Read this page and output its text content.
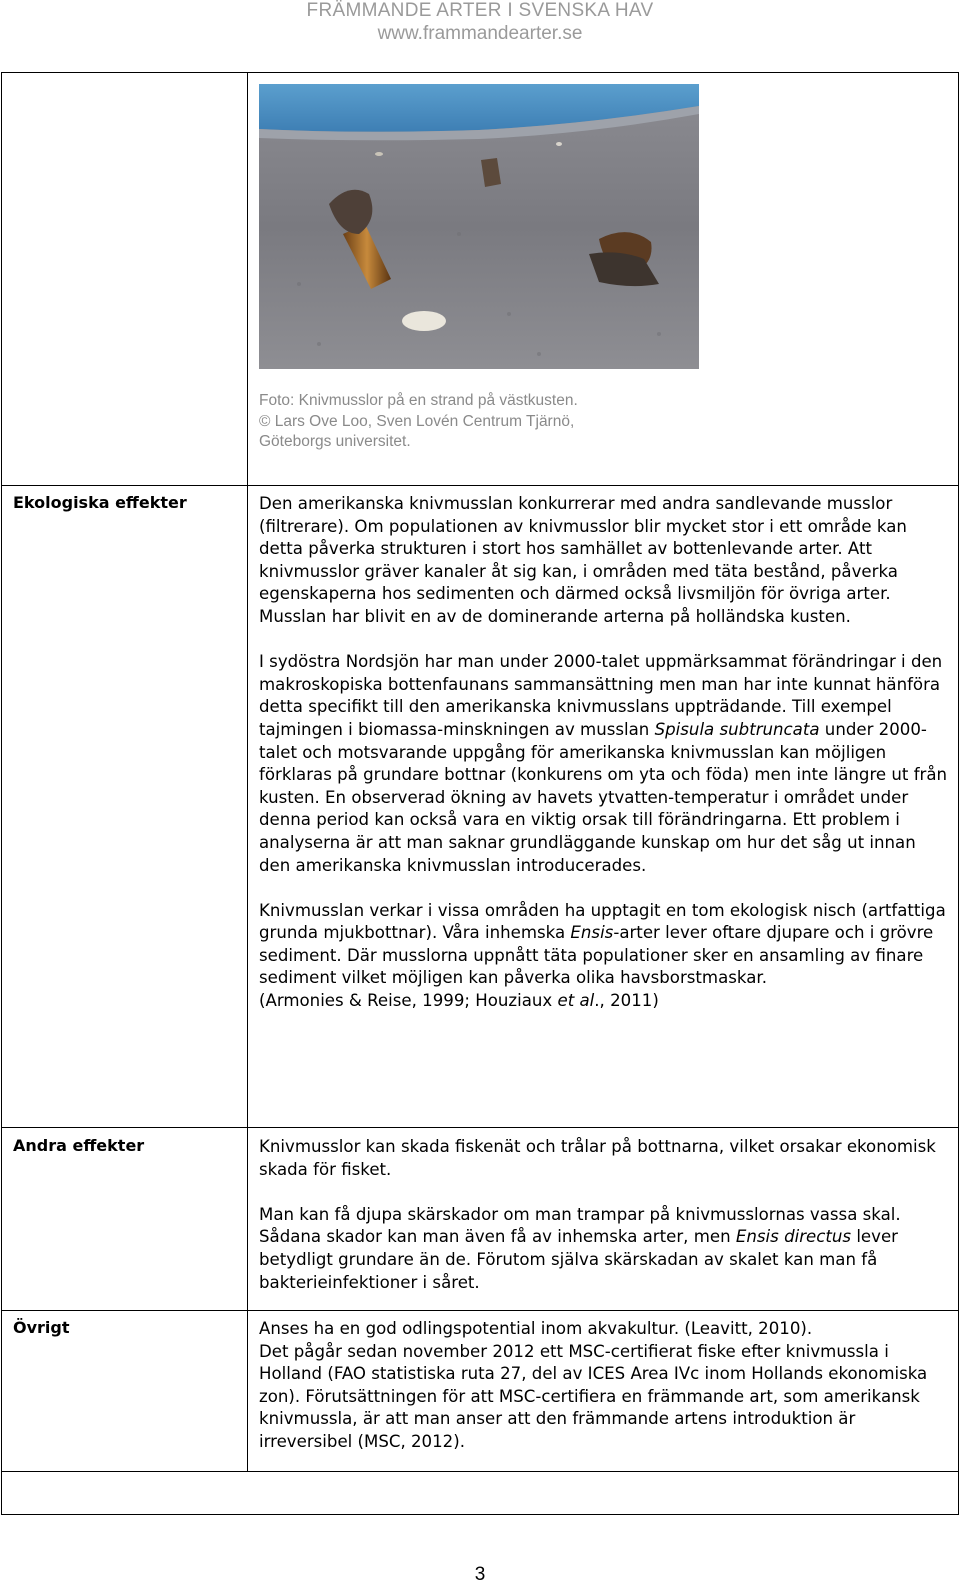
FRÄMMANDE ARTER I SVENSKA HAV
www.frammandearter.se
Foto: Knivmusslor på en strand på västkusten.
© Lars Ove Loo, Sven Lovén Centrum Tjärnö,
Göteborgs universitet.
Ekologiska effekter	Den amerikanska knivmusslan konkurrerar med andra sandlevande musslor (filtrerare). Om populationen av knivmusslor blir mycket stor i ett område kan detta påverka strukturen i stort hos samhället av bottenlevande arter. Att knivmusslor gräver kanaler åt sig kan, i områden med täta bestånd, påverka egenskaperna hos sedimenten och därmed också livsmiljön för övriga arter. Musslan har blivit en av de dominerande arterna på holländska kusten.

I sydöstra Nordsjön har man under 2000-talet uppmärksammat förändringar i den makroskopiska bottenfaunans sammansättning men man har inte kunnat hänföra detta specifikt till den amerikanska knivmusslans uppträdande. Till exempel tajmingen i biomassa-minskningen av musslan Spisula subtruncata under 2000-talet och motsvarande uppgång för amerikanska knivmusslan kan möjligen förklaras på grundare bottnar (konkurens om yta och föda) men inte längre ut från kusten. En observerad ökning av havets ytvatten-temperatur i området under denna period kan också vara en viktig orsak till förändringarna. Ett problem i analyserna är att man saknar grundläggande kunskap om hur det såg ut innan den amerikanska knivmusslan introducerades.

Knivmusslan verkar i vissa områden ha upptagit en tom ekologisk nisch (artfattiga grunda mjukbottnar). Våra inhemska Ensis-arter lever oftare djupare och i grövre sediment. Där musslorna uppnått täta populationer sker en ansamling av finare sediment vilket möjligen kan påverka olika havsborstmaskar.

(Armonies & Reise, 1999; Houziaux et al., 2011)

Andra effekter	Knivmusslor kan skada fiskenät och trålar på bottnarna, vilket orsakar ekonomisk skada för fisket.

Man kan få djupa skärskador om man trampar på knivmusslornas vassa skal. Sådana skador kan man även få av inhemska arter, men Ensis directus lever betydligt grundare än de. Förutom själva skärskadan av skalet kan man få bakterieinfektioner i såret.

Övrigt	Anses ha en god odlingspotential inom akvakultur. (Leavitt, 2010).
Det pågår sedan november 2012 ett MSC-certifierat fiske efter knivmussla i Holland (FAO statistiska ruta 27, del av ICES Area IVc inom Hollands ekonomiska zon). Förutsättningen för att MSC-certifiera en främmande art, som amerikansk knivmussla, är att man anser att den främmande artens introduktion är irreversibel (MSC, 2012).
3
